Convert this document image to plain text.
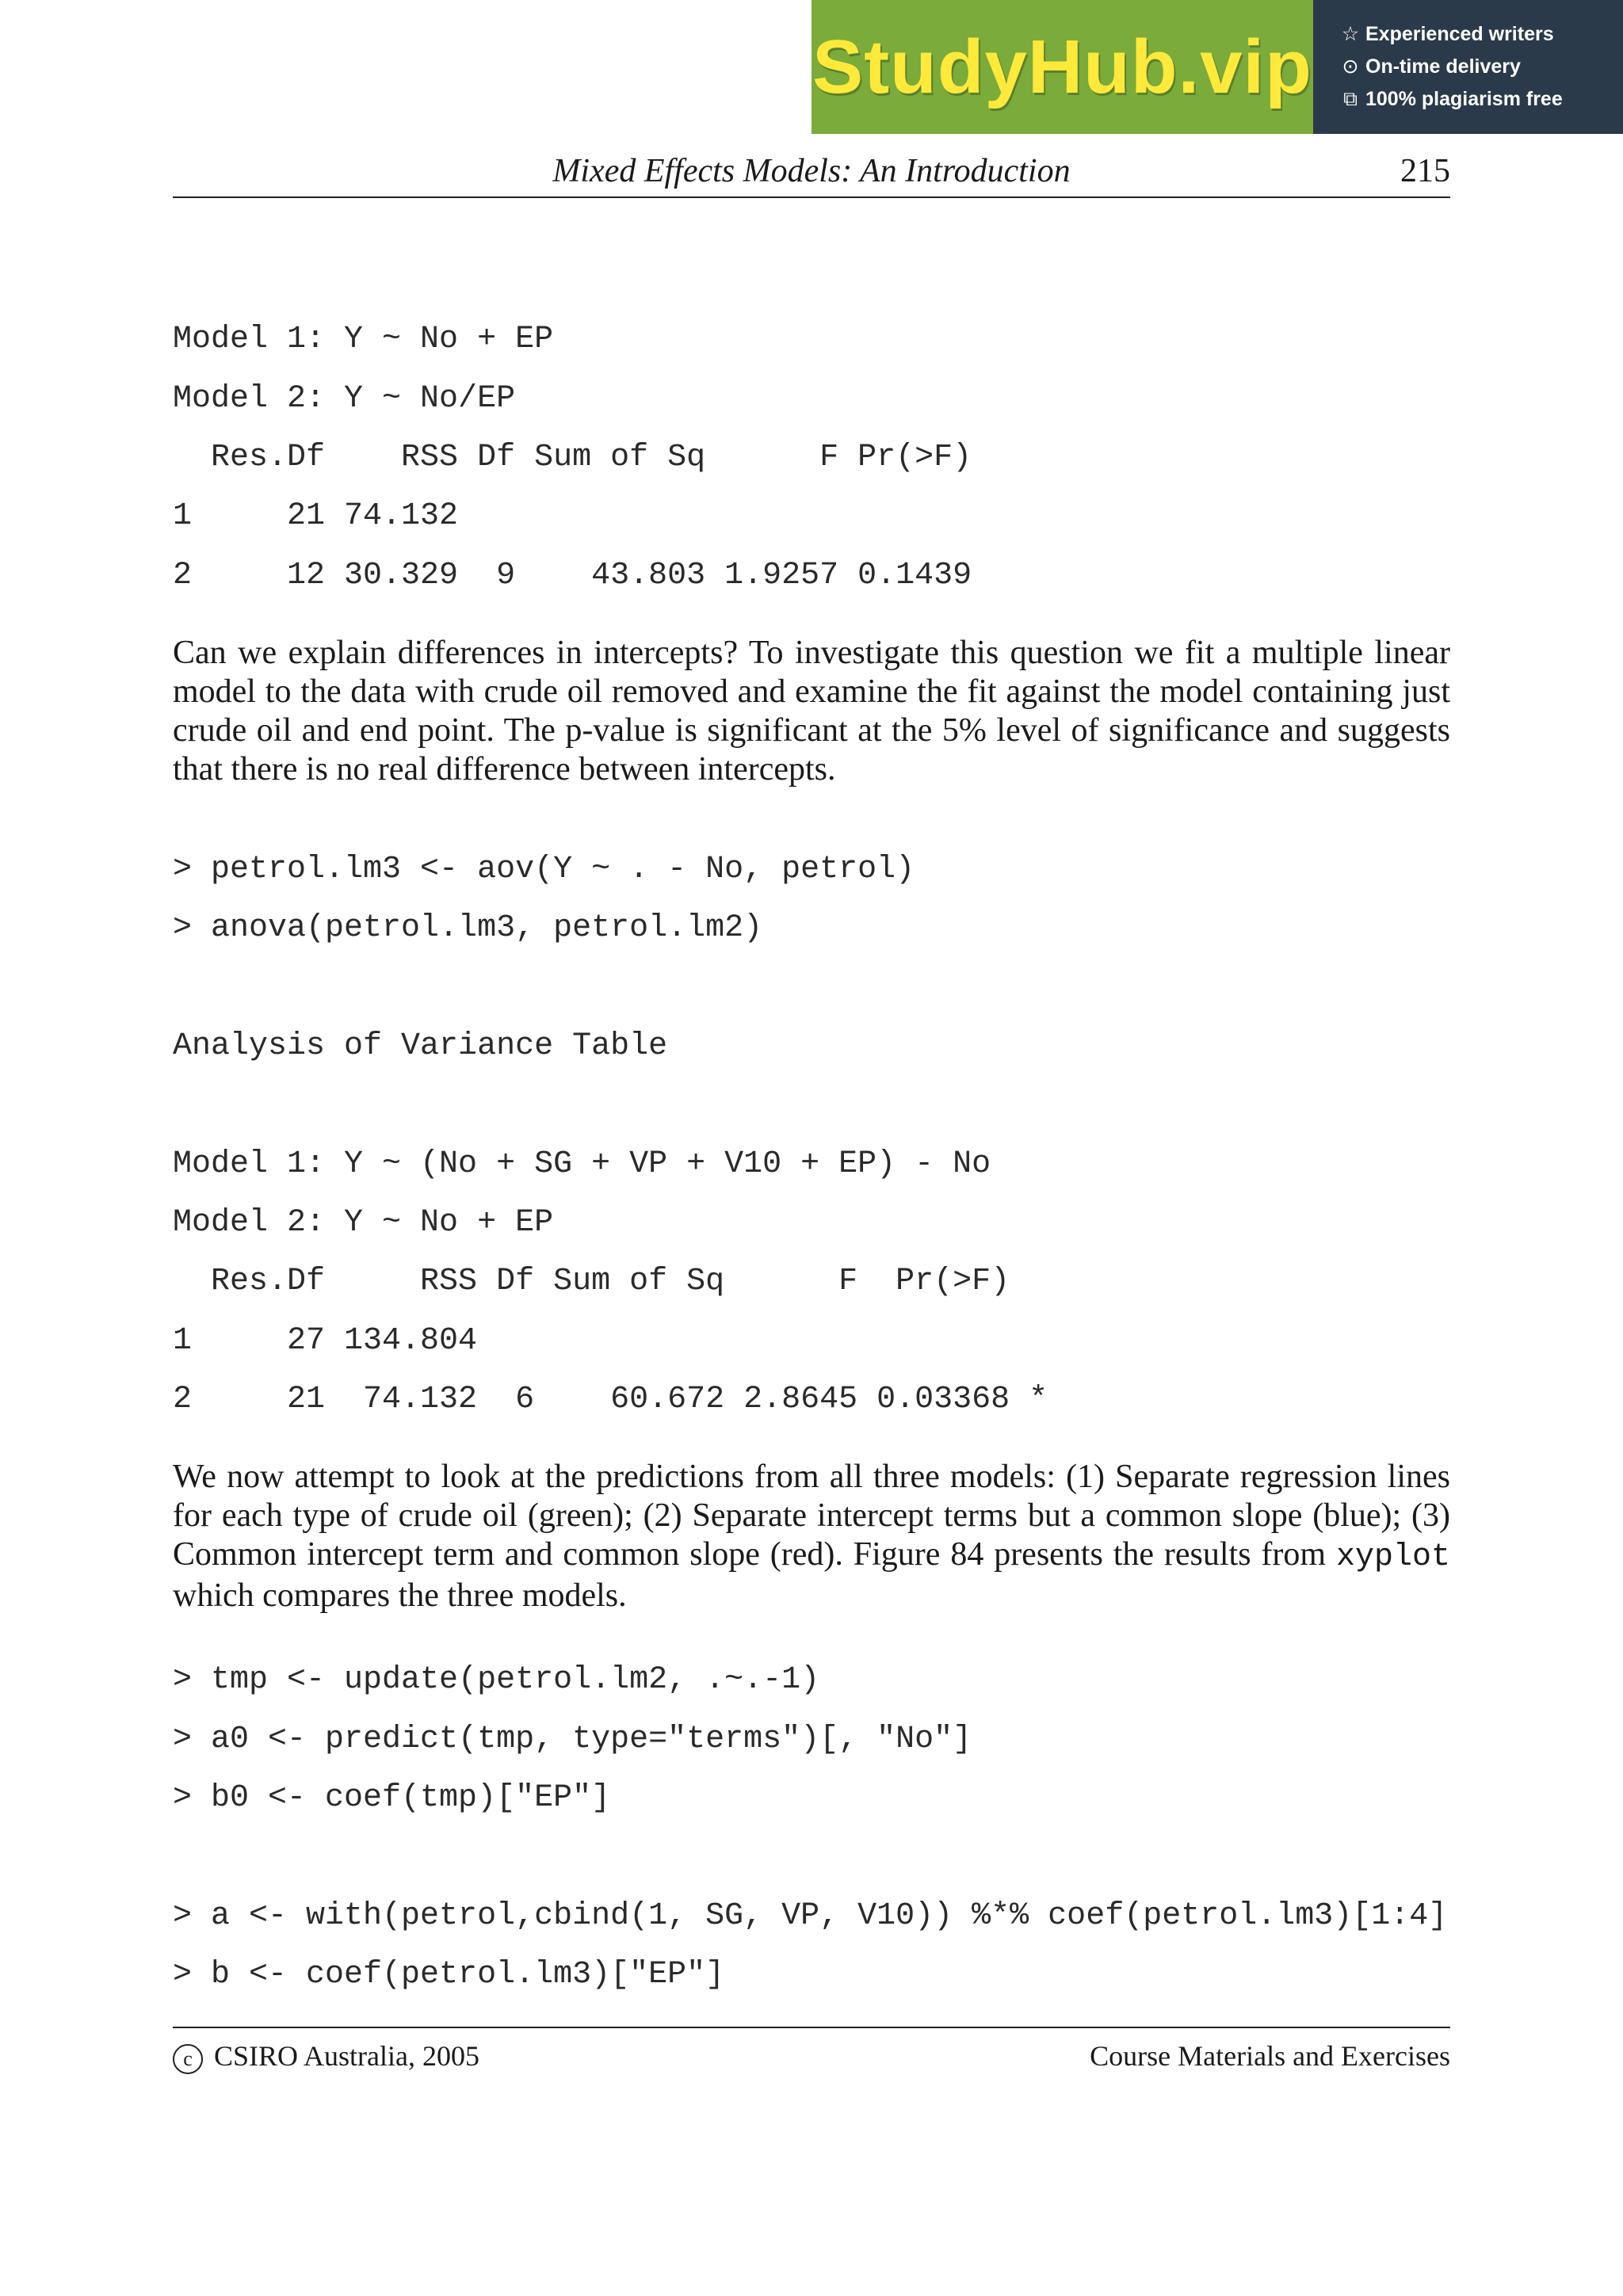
StudyHub.vip ☆ Experienced writers
⊙ On-time delivery
⧉ 100% plagiarism free
Mixed Effects Models: An Introduction	215
Model 1: Y ~ No + EP
Model 2: Y ~ No/EP
Res.Df    RSS Df Sum of Sq      F Pr(>F)
1     21 74.132
2     12 30.329  9    43.803 1.9257 0.1439
Can we explain differences in intercepts? To investigate this question we fit a multiple linear model to the data with crude oil removed and examine the fit against the model containing just crude oil and end point. The p-value is significant at the 5% level of significance and suggests that there is no real difference between intercepts.
> petrol.lm3 <- aov(Y ~ . - No, petrol)
> anova(petrol.lm3, petrol.lm2)
Analysis of Variance Table
Model 1: Y ~ (No + SG + VP + V10 + EP) - No
Model 2: Y ~ No + EP
Res.Df     RSS Df Sum of Sq      F  Pr(>F)
1     27 134.804
2     21  74.132  6    60.672 2.8645 0.03368 *
We now attempt to look at the predictions from all three models: (1) Separate regression lines for each type of crude oil (green); (2) Separate intercept terms but a common slope (blue); (3) Common intercept term and common slope (red). Figure 84 presents the results from xyplot which compares the three models.
> tmp <- update(petrol.lm2, .~.-1)
> a0 <- predict(tmp, type="terms")[, "No"]
> b0 <- coef(tmp)["EP"]
> a <- with(petrol,cbind(1, SG, VP, V10)) %*% coef(petrol.lm3)[1:4]
> b <- coef(petrol.lm3)["EP"]
c CSIRO Australia, 2005	Course Materials and Exercises
